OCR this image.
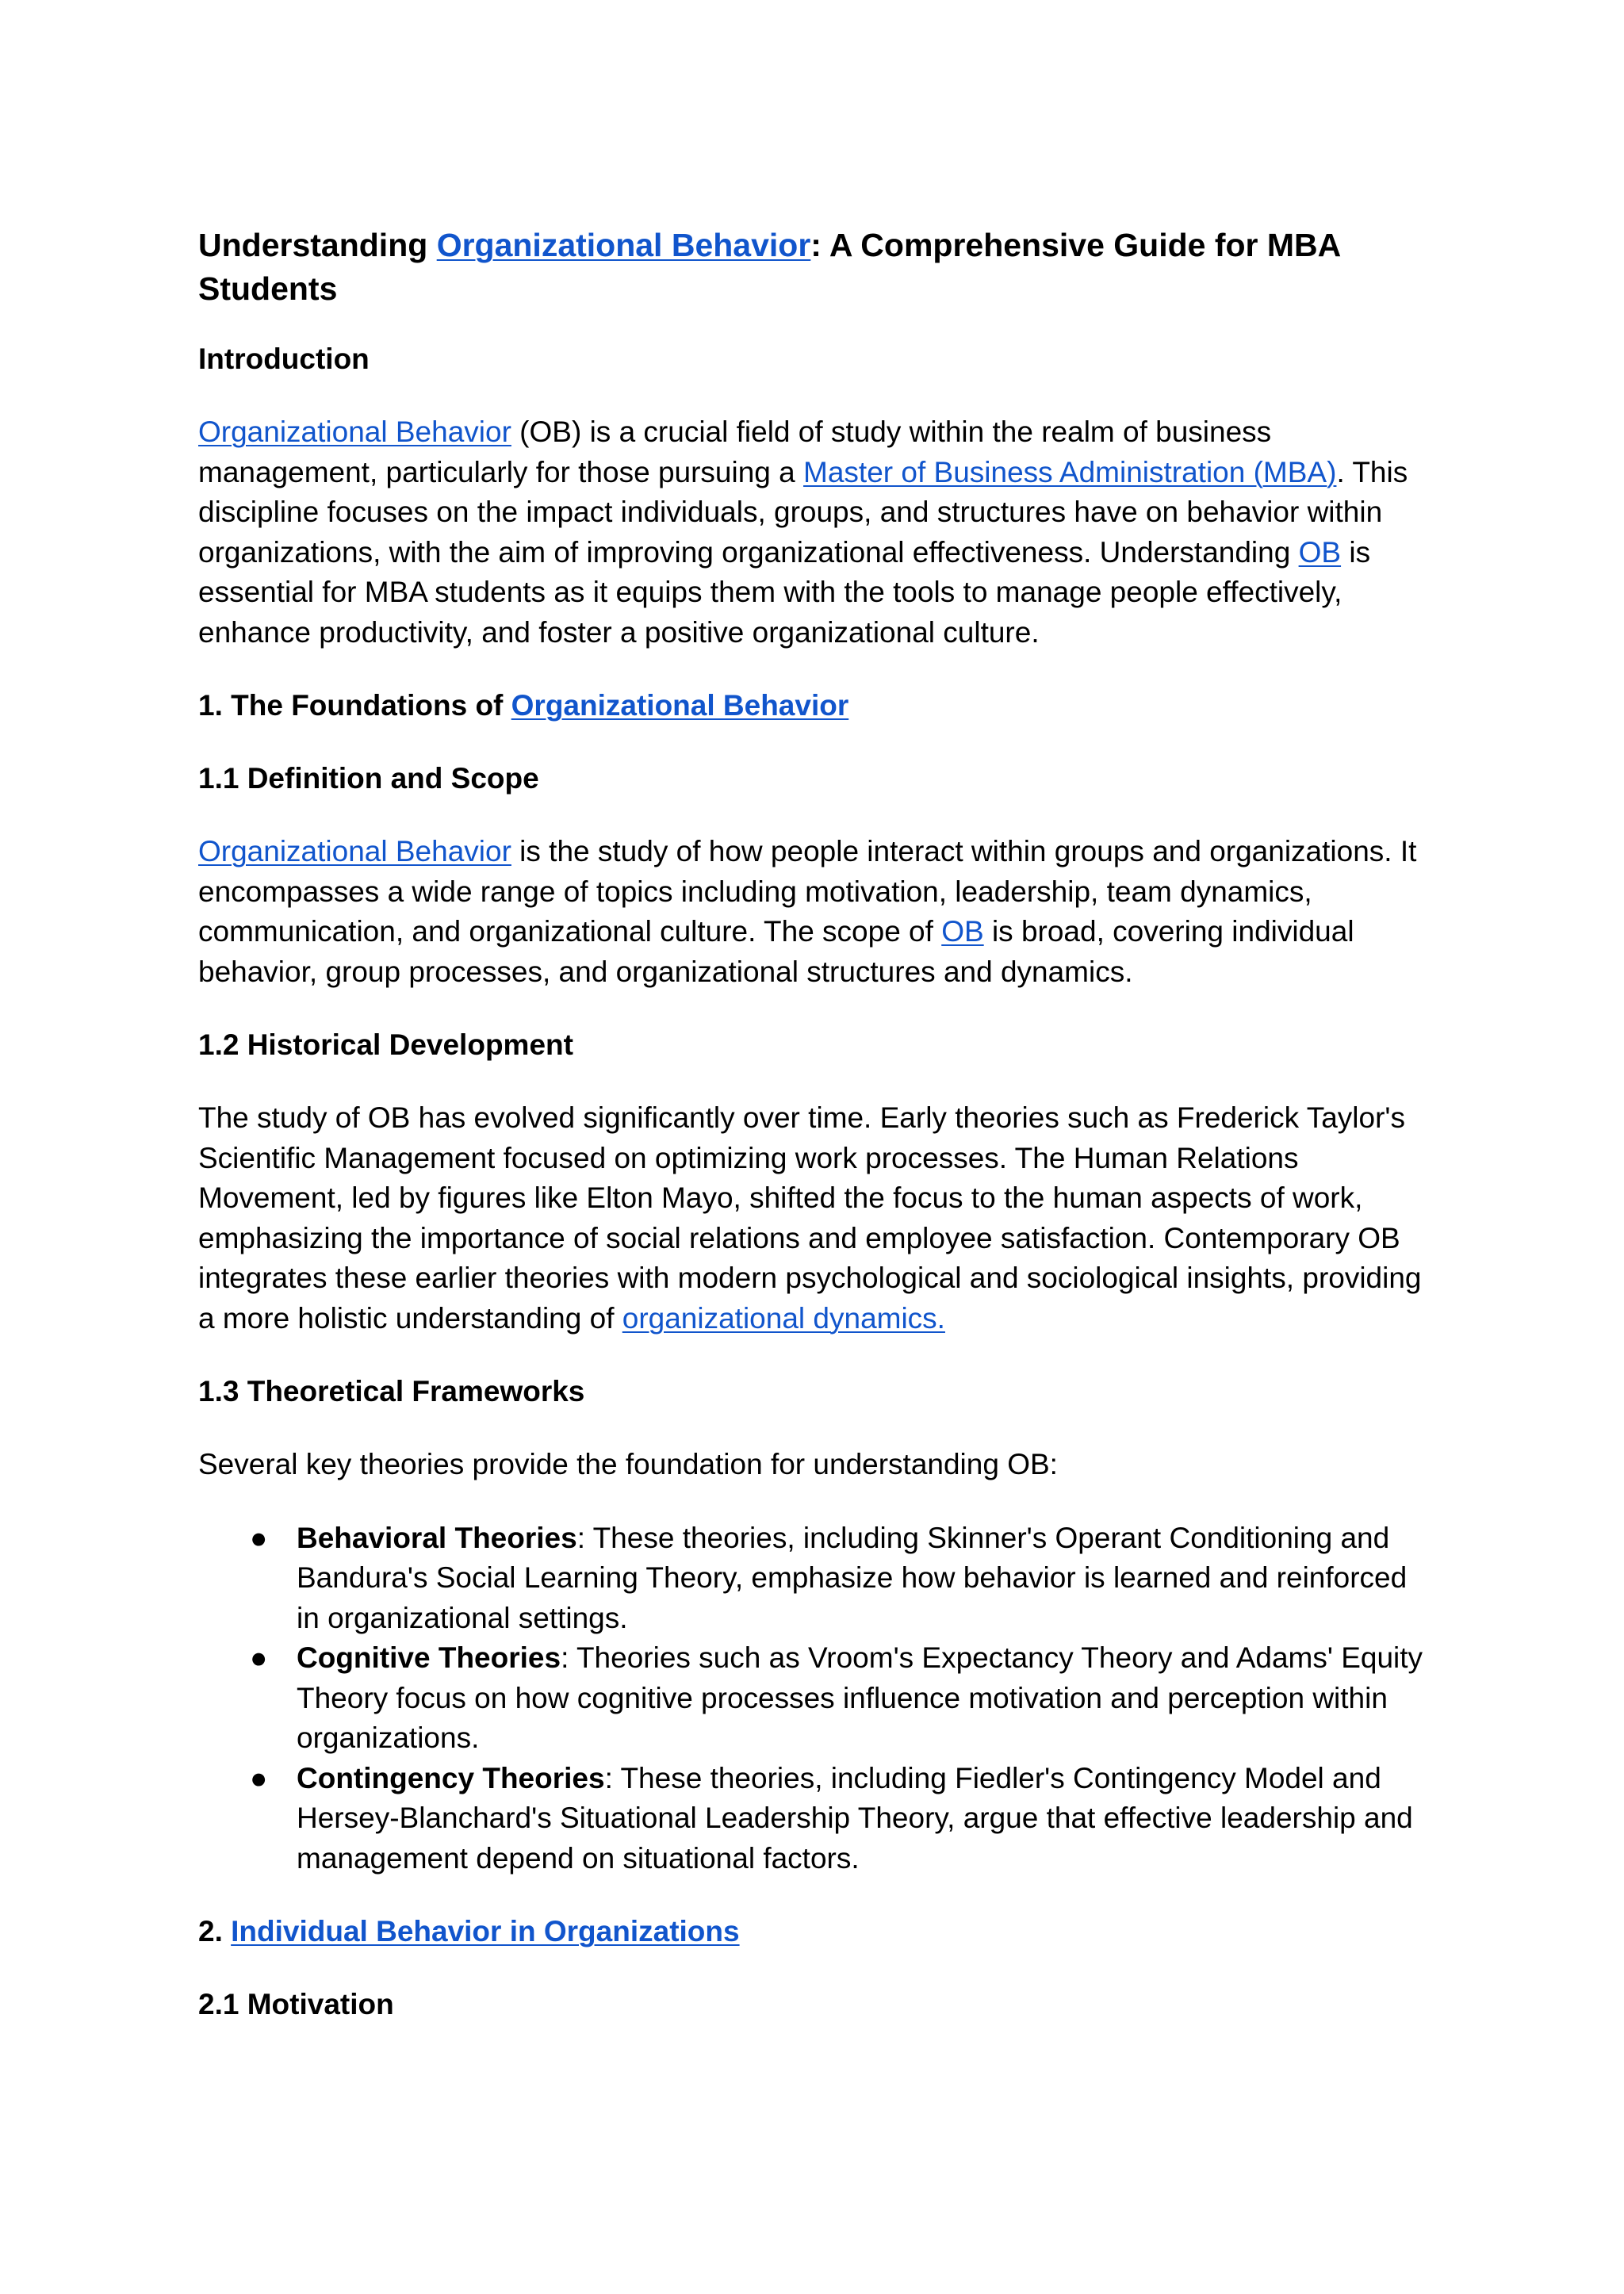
Understanding Organizational Behavior: A Comprehensive Guide for MBA Students
Introduction

Organizational Behavior (OB) is a crucial field of study within the realm of business management, particularly for those pursuing a Master of Business Administration (MBA). This discipline focuses on the impact individuals, groups, and structures have on behavior within organizations, with the aim of improving organizational effectiveness. Understanding OB is essential for MBA students as it equips them with the tools to manage people effectively, enhance productivity, and foster a positive organizational culture.

1. The Foundations of Organizational Behavior
1.1 Definition and Scope

Organizational Behavior is the study of how people interact within groups and organizations. It encompasses a wide range of topics including motivation, leadership, team dynamics, communication, and organizational culture. The scope of OB is broad, covering individual behavior, group processes, and organizational structures and dynamics.

1.2 Historical Development

The study of OB has evolved significantly over time. Early theories such as Frederick Taylor's Scientific Management focused on optimizing work processes. The Human Relations Movement, led by figures like Elton Mayo, shifted the focus to the human aspects of work, emphasizing the importance of social relations and employee satisfaction. Contemporary OB integrates these earlier theories with modern psychological and sociological insights, providing a more holistic understanding of organizational dynamics.

1.3 Theoretical Frameworks

Several key theories provide the foundation for understanding OB:

● Behavioral Theories: These theories, including Skinner's Operant Conditioning and Bandura's Social Learning Theory, emphasize how behavior is learned and reinforced in organizational settings.
● Cognitive Theories: Theories such as Vroom's Expectancy Theory and Adams' Equity Theory focus on how cognitive processes influence motivation and perception within organizations.
● Contingency Theories: These theories, including Fiedler's Contingency Model and Hersey-Blanchard's Situational Leadership Theory, argue that effective leadership and management depend on situational factors.
2. Individual Behavior in Organizations
2.1 Motivation
